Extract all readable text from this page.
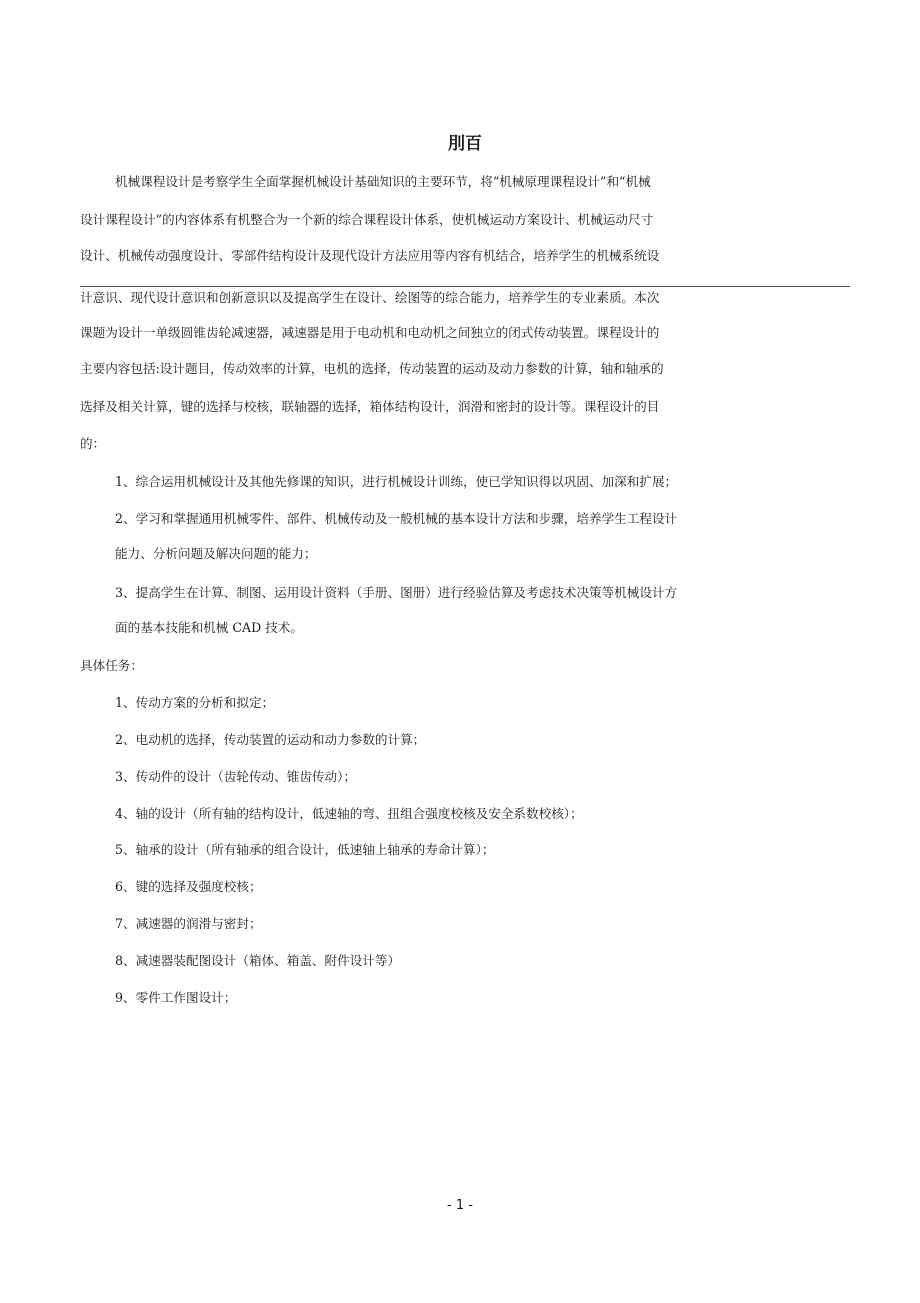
刖百
机械课程设计是考察学生全面掌握机械设计基础知识的主要环节，将“机械原理课程设计”和“机械
设计课程设计”的内容体系有机整合为一个新的综合课程设计体系，使机械运动方案设计、机械运动尺寸
设计、机械传动强度设计、零部件结构设计及现代设计方法应用等内容有机结合，培养学生的机械系统设
计意识、现代设计意识和创新意识以及提高学生在设计、绘图等的综合能力，培养学生的专业素质。本次
课题为设计一单级圆锥齿轮减速器，减速器是用于电动机和电动机之间独立的闭式传动装置。课程设计的
主要内容包括:设计题目，传动效率的计算，电机的选择，传动装置的运动及动力参数的计算，轴和轴承的
选择及相关计算，键的选择与校核，联轴器的选择，箱体结构设计，润滑和密封的设计等。课程设计的目
的：
1、综合运用机械设计及其他先修课的知识，进行机械设计训练，使已学知识得以巩固、加深和扩展；
2、学习和掌握通用机械零件、部件、机械传动及一般机械的基本设计方法和步骤，培养学生工程设计
能力、分析问题及解决问题的能力；
3、提高学生在计算、制图、运用设计资料（手册、图册）进行经验估算及考虑技术决策等机械设计方
面的基本技能和机械 CAD 技术。
具体任务：
1、传动方案的分析和拟定；
2、电动机的选择，传动装置的运动和动力参数的计算；
3、传动件的设计（齿轮传动、锥齿传动）；
4、轴的设计（所有轴的结构设计，低速轴的弯、扭组合强度校核及安全系数校核）；
5、轴承的设计（所有轴承的组合设计，低速轴上轴承的寿命计算）；
6、键的选择及强度校核；
7、减速器的润滑与密封；
8、减速器装配图设计（箱体、箱盖、附件设计等）
9、零件工作图设计；
- 1 -
